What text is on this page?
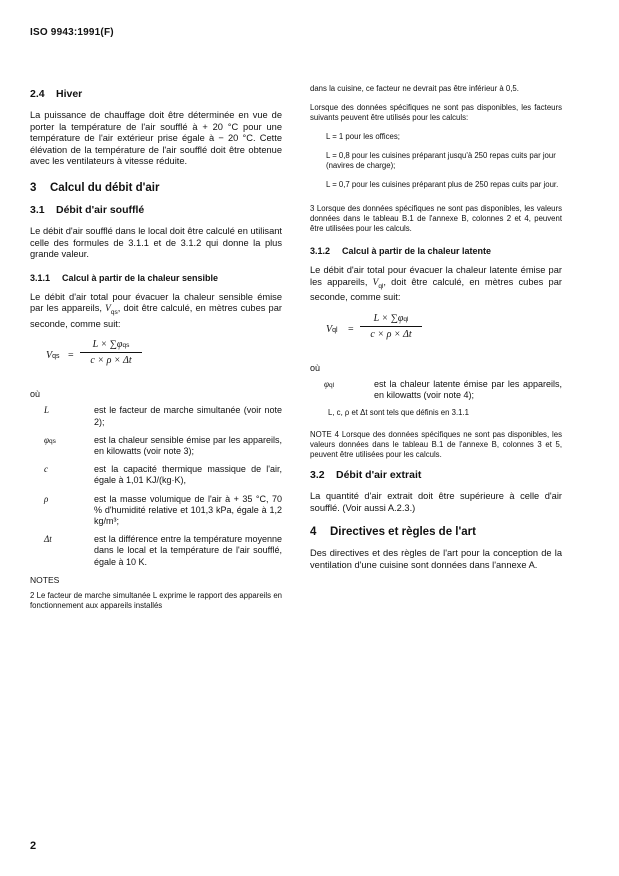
ISO 9943:1991(F)
2.4 Hiver

La puissance de chauffage doit être déterminée en vue de porter la température de l'air soufflé à + 20 °C pour une température de l'air extérieur prise égale à − 20 °C. Cette élévation de la température de l'air soufflé doit être obtenue avec les ventilateurs à vitesse réduite.

3 Calcul du débit d'air
3.1 Débit d'air soufflé

Le débit d'air soufflé dans le local doit être calculé en utilisant celle des formules de 3.1.1 et de 3.1.2 qui donne la plus grande valeur.

3.1.1 Calcul à partir de la chaleur sensible

Le débit d'air total pour évacuer la chaleur sensible émise par les appareils, $V_{qs}$, doit être calculé, en mètres cubes par seconde, comme suit:

Vqs =
L × ∑φqs
c × ρ × Δt
où
L	est le facteur de marche simultanée (voir note 2);
φqs	est la chaleur sensible émise par les appareils, en kilowatts (voir note 3);
c	est la capacité thermique massique de l'air, égale à 1,01 KJ/(kg·K),
ρ	est la masse volumique de l'air à + 35 °C, 70 % d'humidité relative et 101,3 kPa, égale à 1,2 kg/m³;
Δt	est la différence entre la température moyenne dans le local et la température de l'air soufflé, égale à 10 K.
NOTES

2 Le facteur de marche simultanée L exprime le rapport des appareils en fonctionnement aux appareils installés

dans la cuisine, ce facteur ne devrait pas être inférieur à 0,5.

Lorsque des données spécifiques ne sont pas disponibles, les facteurs suivants peuvent être utilisés pour les calculs:

L = 1 pour les offices;
L = 0,8 pour les cuisines préparant jusqu'à 250 repas cuits par jour (navires de charge);
L = 0,7 pour les cuisines préparant plus de 250 repas cuits par jour.

3 Lorsque des données spécifiques ne sont pas disponibles, les valeurs données dans le tableau B.1 de l'annexe B, colonnes 2 et 4, peuvent être utilisées pour les calculs.

3.1.2 Calcul à partir de la chaleur latente

Le débit d'air total pour évacuer la chaleur latente émise par les appareils, $V_{ql}$, doit être calculé, en mètres cubes par seconde, comme suit:

Vql =
L × ∑φql
c × ρ × Δt
où
φql	est la chaleur latente émise par les appareils, en kilowatts (voir note 4);

L, c, ρ et Δt sont tels que définis en 3.1.1

NOTE 4 Lorsque des données spécifiques ne sont pas disponibles, les valeurs données dans le tableau B.1 de l'annexe B, colonnes 3 et 5, peuvent être utilisées pour les calculs.

3.2 Débit d'air extrait

La quantité d'air extrait doit être supérieure à celle d'air soufflé. (Voir aussi A.2.3.)

4 Directives et règles de l'art

Des directives et des règles de l'art pour la conception de la ventilation d'une cuisine sont données dans l'annexe A.

2
